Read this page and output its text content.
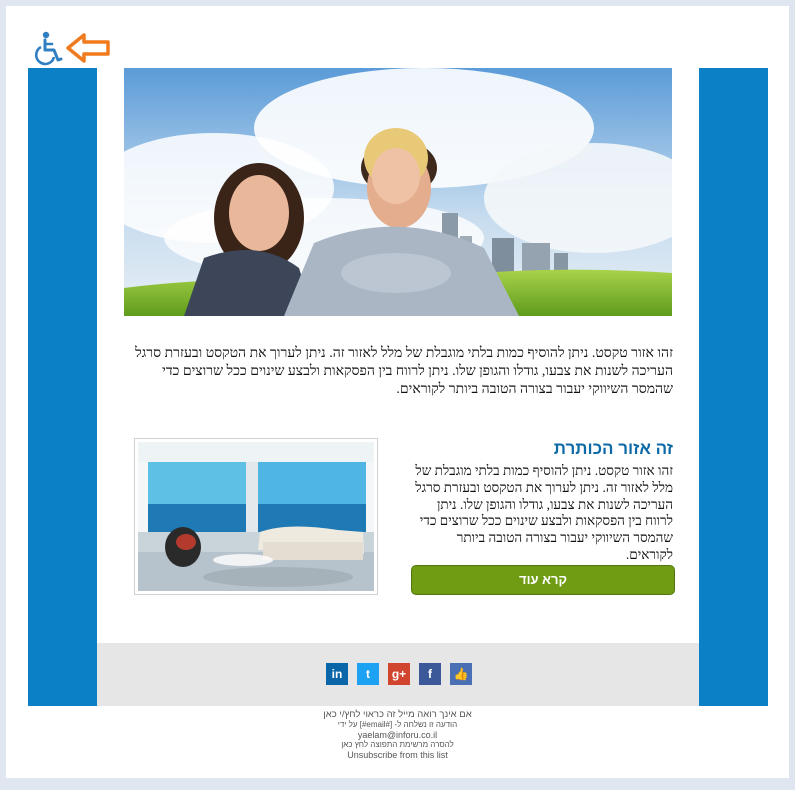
זהו אזור טקסט. ניתן להוסיף כמות בלתי מוגבלת של מלל לאזור זה. ניתן לערוך את הטקסט ובעזרת סרגל העריכה לשנות את צבעו, גודלו והגופן שלו. ניתן לרווח בין הפסקאות ולבצע שינוים ככל שרוצים כדי שהמסר השיווקי יעבור בצורה הטובה ביותר לקוראים.
זה אזור הכותרת
זהו אזור טקסט. ניתן להוסיף כמות בלתי מוגבלת של מלל לאזור זה. ניתן לערוך את הטקסט ובעזרת סרגל העריכה לשנות את צבעו, גודלו והגופן שלו. ניתן לרווח בין הפסקאות ולבצע שינוים ככל שרוצים כדי שהמסר השיווקי יעבור בצורה הטובה ביותר לקוראים.
קרא עוד
in	t	g+	f	👍
אם אינך רואה מייל זה כראוי לחץ/י כאן
הודעה זו נשלחה ל- [#email#] על ידי
yaelam@inforu.co.il
להסרה מרשימת התפוצה לחץ כאן
Unsubscribe from this list
